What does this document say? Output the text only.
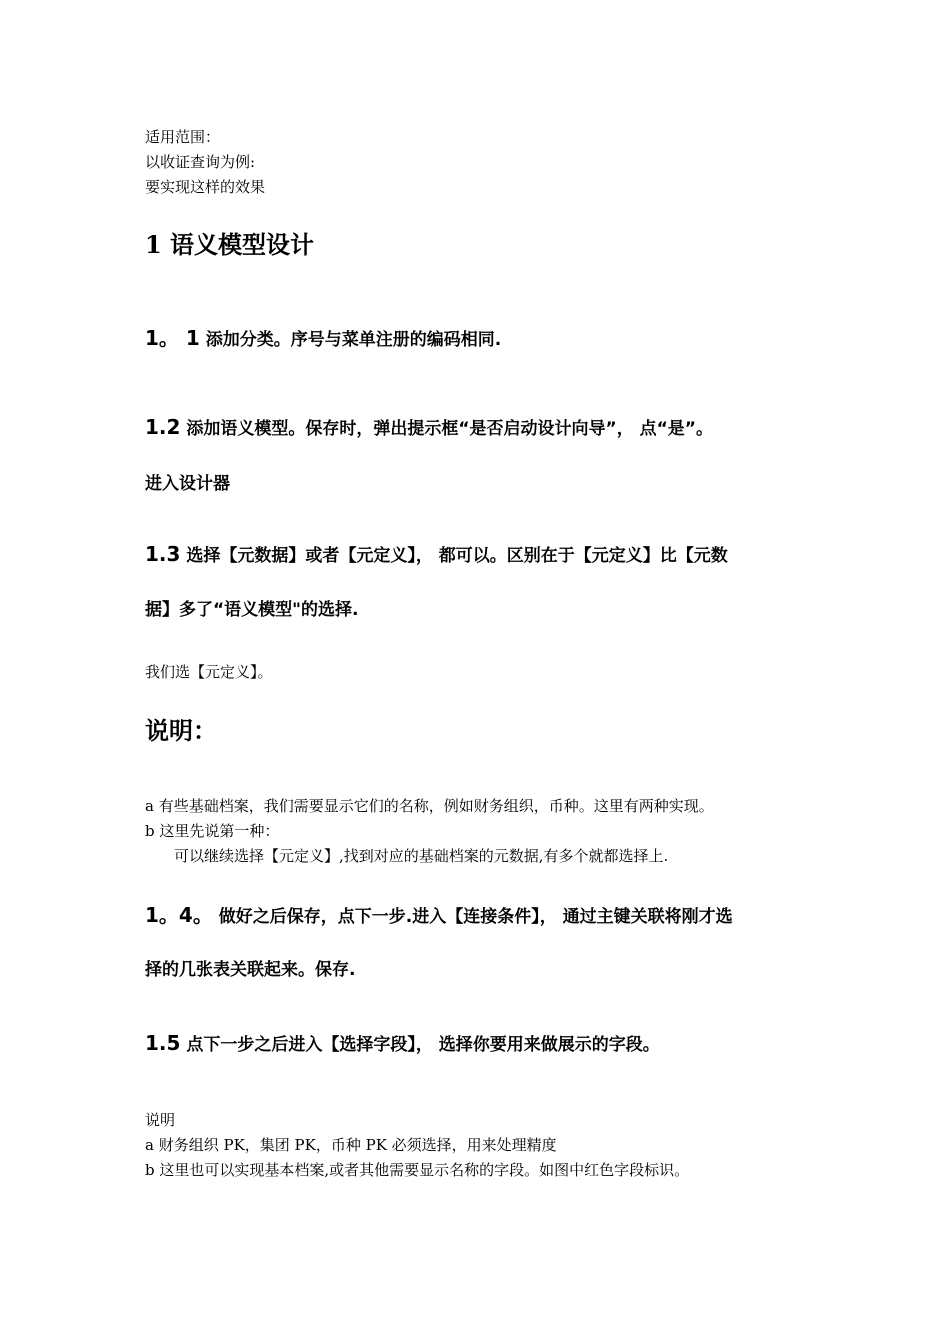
适用范围：

以收证查询为例:

要实现这样的效果

1 语义模型设计
1。 1 添加分类。序号与菜单注册的编码相同.
1.2 添加语义模型。保存时，弹出提示框“是否启动设计向导”， 点“是”。

进入设计器

1.3 选择【元数据】或者【元定义】， 都可以。区别在于【元定义】比【元数

据】多了“语义模型"的选择.

我们选【元定义】。

说明：

a 有些基础档案，我们需要显示它们的名称，例如财务组织，币种。这里有两种实现。

b 这里先说第一种：

可以继续选择【元定义】,找到对应的基础档案的元数据,有多个就都选择上.

1。4。 做好之后保存，点下一步.进入【连接条件】， 通过主键关联将刚才选

择的几张表关联起来。保存.

1.5 点下一步之后进入【选择字段】， 选择你要用来做展示的字段。

说明

a 财务组织 PK，集团 PK，币种 PK 必须选择，用来处理精度

b 这里也可以实现基本档案,或者其他需要显示名称的字段。如图中红色字段标识。
